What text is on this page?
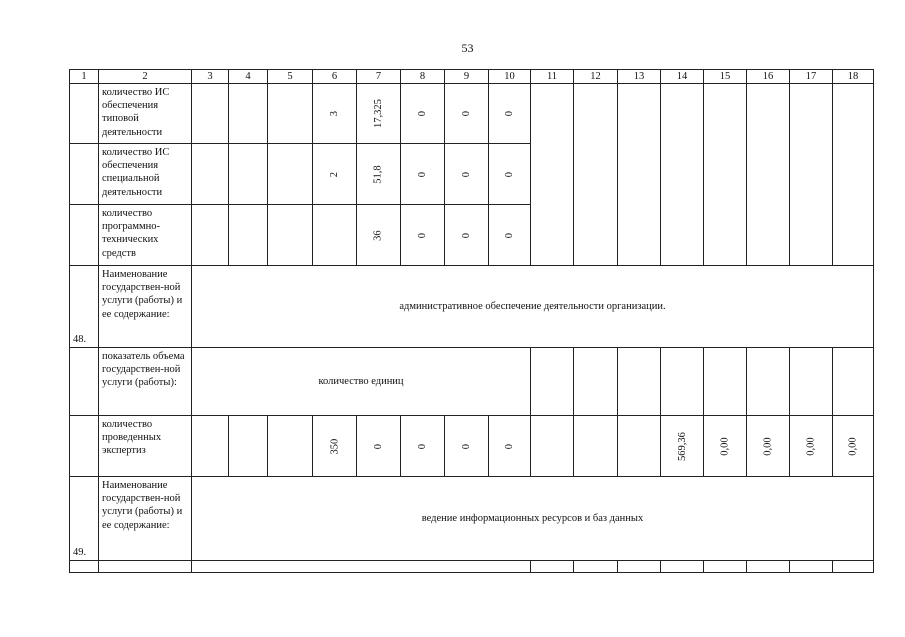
53
1	2	3	4	5	6	7	8	9	10	11	12	13	14	15	16	17	18
	количество ИС обеспечения типовой деятельности				3	17,325	0	0	0								
	количество ИС обеспечения специальной деятельности				2	51,8	0	0	0								
	количество программно-технических средств					36	0	0	0								
48.	Наименование государствен-ной услуги (работы) и ее содержание:	административное обеспечение деятельности организации.															
	показатель объема государствен-ной услуги (работы):	количество единиц															
	количество проведенных экспертиз				350	0	0	0	0				569,36	0,00	0,00	0,00	0,00
49.	Наименование государствен-ной услуги (работы) и ее содержание:	ведение информационных ресурсов и баз данных															
